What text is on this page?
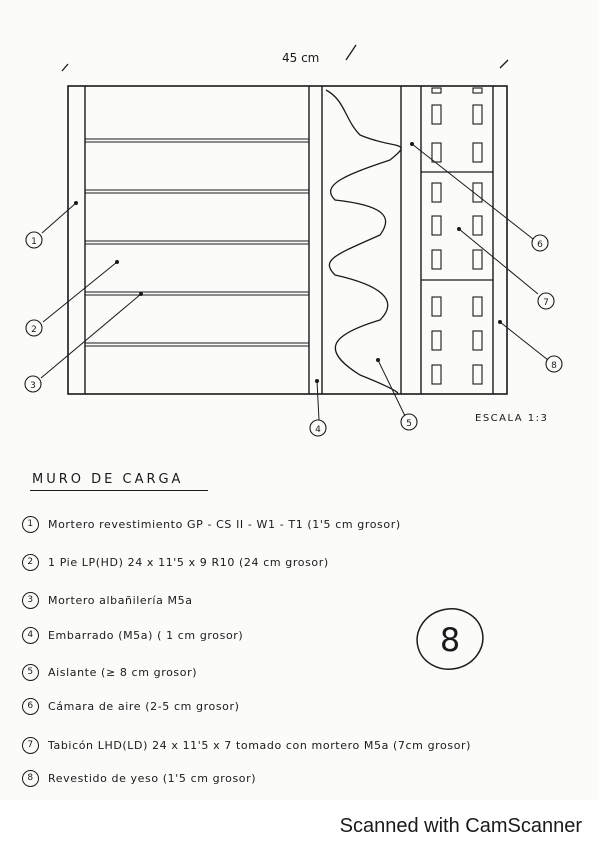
45 cm
1
2
3
4
5
6
7
8
ESCALA 1:3
8
MURO DE CARGA
1	Mortero revestimiento GP - CS II - W1 - T1 (1'5 cm grosor)
2	1 Pie LP(HD) 24 x 11'5 x 9 R10 (24 cm grosor)
3	Mortero albañilería M5a
4	Embarrado (M5a) ( 1 cm grosor)
5	Aislante (≥ 8 cm grosor)
6	Cámara de aire (2-5 cm grosor)
7	Tabicón LHD(LD) 24 x 11'5 x 7 tomado con mortero M5a (7cm grosor)
8	Revestido de yeso (1'5 cm grosor)
Scanned with CamScanner
